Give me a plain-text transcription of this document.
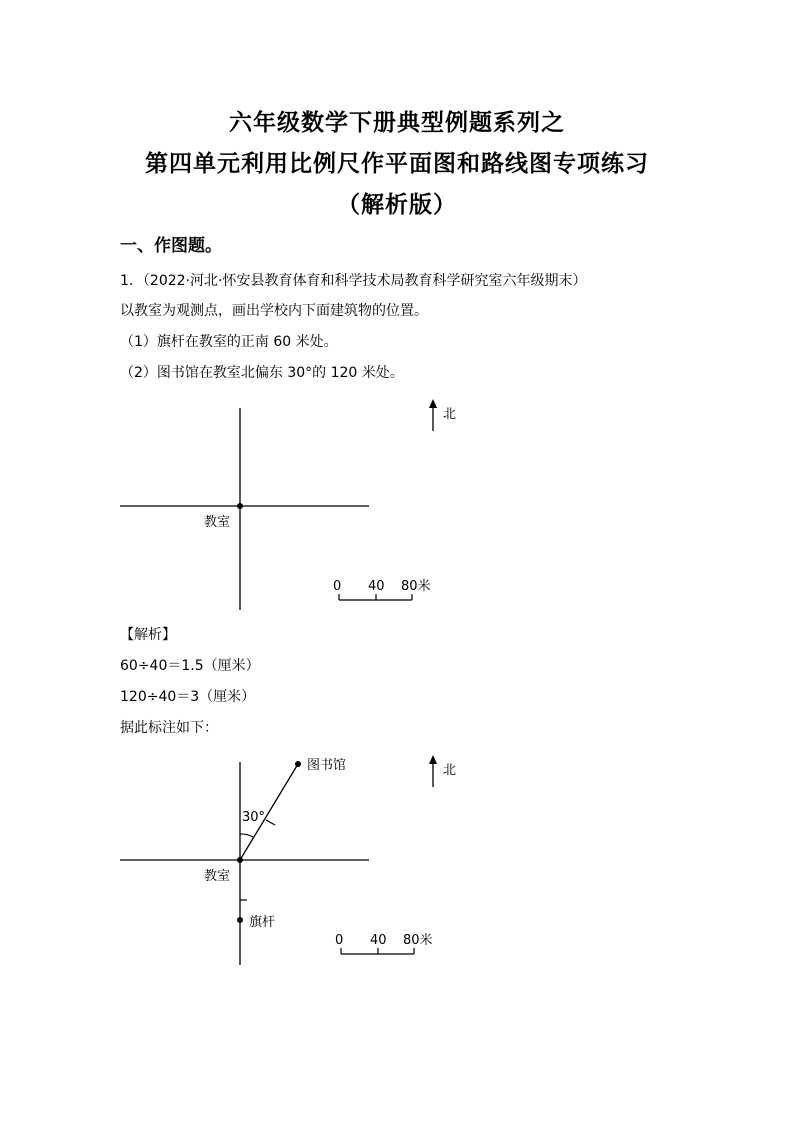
六年级数学下册典型例题系列之
第四单元利用比例尺作平面图和路线图专项练习
（解析版）
一、作图题。
1．（2022·河北·怀安县教育体育和科学技术局教育科学研究室六年级期末）
以教室为观测点，画出学校内下面建筑物的位置。
（1）旗杆在教室的正南 60 米处。
（2）图书馆在教室北偏东 30°的 120 米处。
教室
北
0 40 80米
【解析】
60÷40＝1.5（厘米）
120÷40＝3（厘米）
据此标注如下：
30°
图书馆
教室
旗杆
北
0 40 80米
